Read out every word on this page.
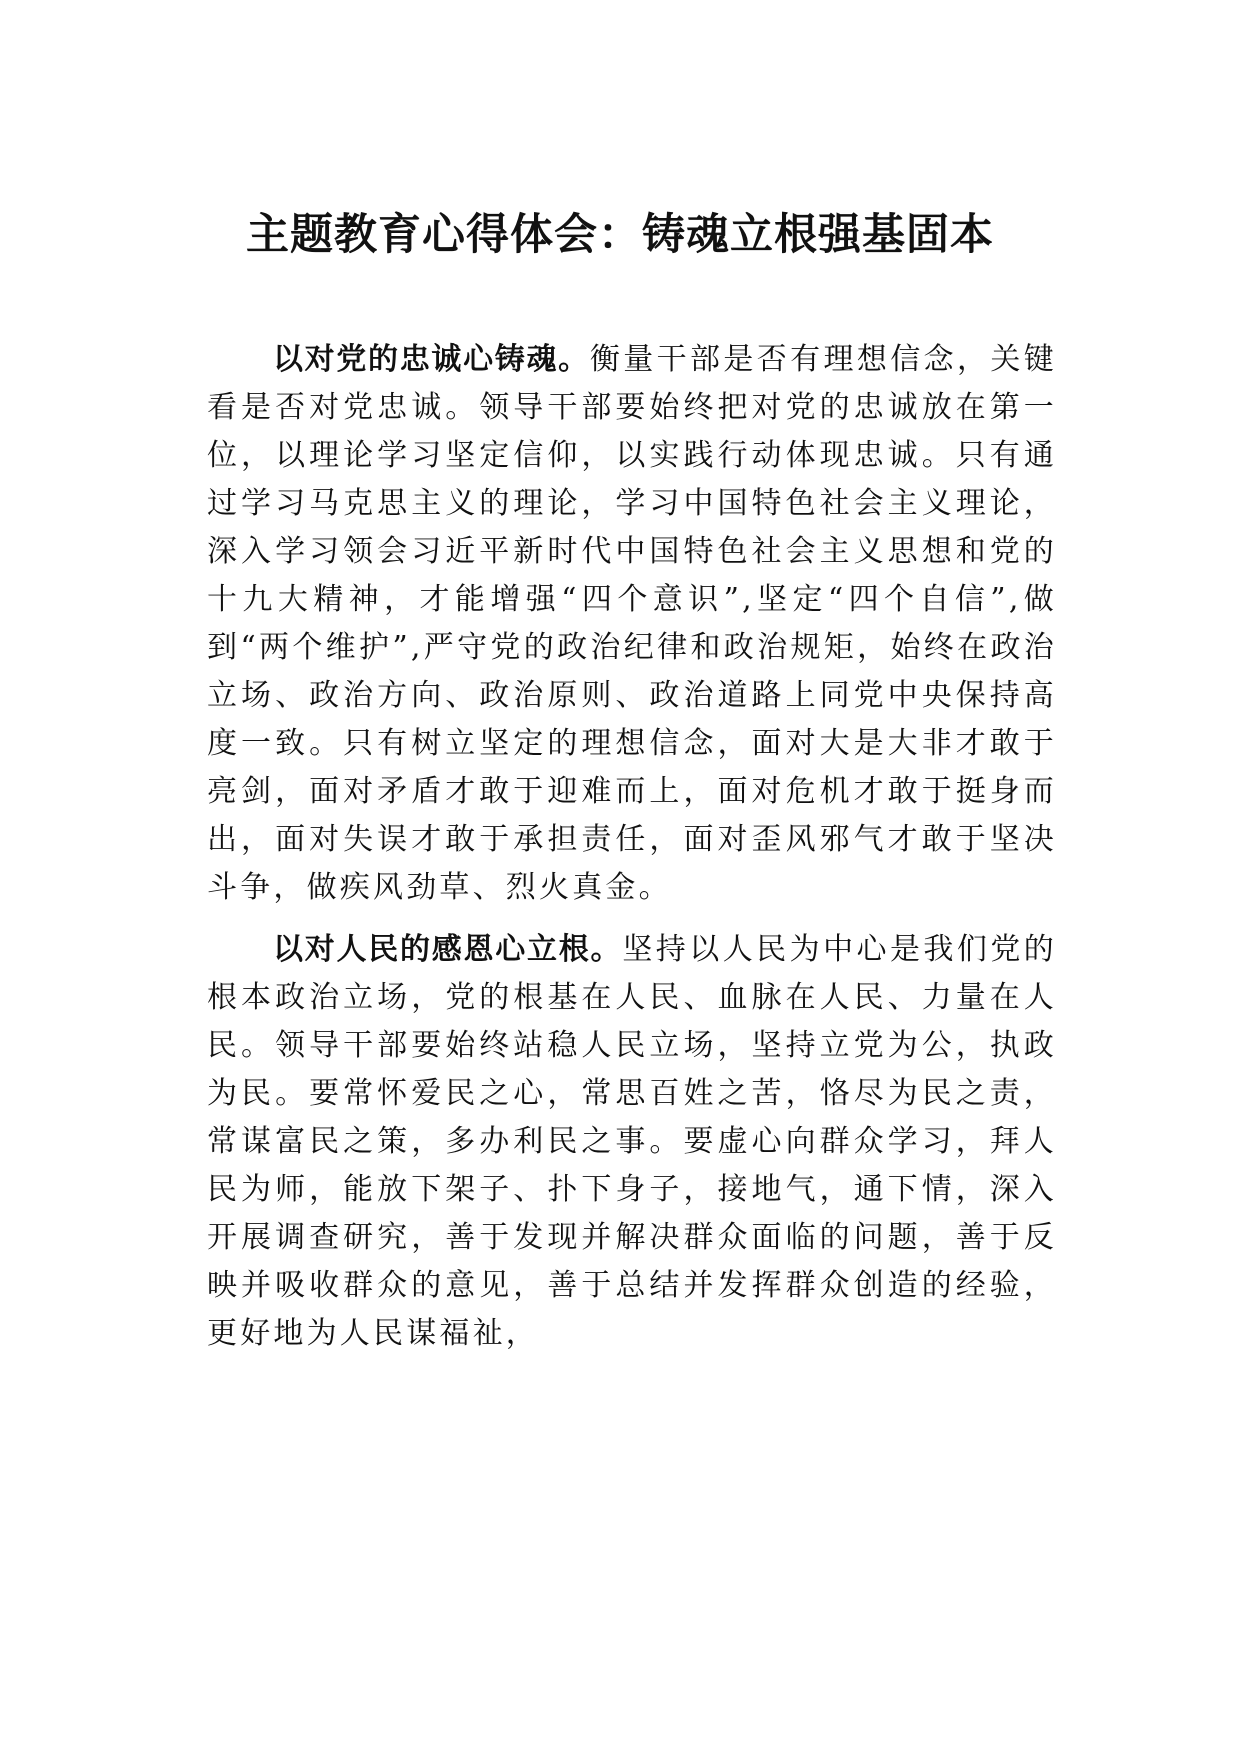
主题教育心得体会：铸魂立根强基固本

以对党的忠诚心铸魂。衡量干部是否有理想信念，关键看是否对党忠诚。领导干部要始终把对党的忠诚放在第一位，以理论学习坚定信仰，以实践行动体现忠诚。只有通过学习马克思主义的理论，学习中国特色社会主义理论，深入学习领会习近平新时代中国特色社会主义思想和党的十九大精神，才能增强“四个意识”,坚定“四个自信”,做到“两个维护”,严守党的政治纪律和政治规矩，始终在政治立场、政治方向、政治原则、政治道路上同党中央保持高度一致。只有树立坚定的理想信念，面对大是大非才敢于亮剑，面对矛盾才敢于迎难而上，面对危机才敢于挺身而出，面对失误才敢于承担责任，面对歪风邪气才敢于坚决斗争，做疾风劲草、烈火真金。

以对人民的感恩心立根。坚持以人民为中心是我们党的根本政治立场，党的根基在人民、血脉在人民、力量在人民。领导干部要始终站稳人民立场，坚持立党为公，执政为民。要常怀爱民之心，常思百姓之苦，恪尽为民之责，常谋富民之策，多办利民之事。要虚心向群众学习，拜人民为师，能放下架子、扑下身子，接地气，通下情，深入开展调查研究，善于发现并解决群众面临的问题，善于反映并吸收群众的意见，善于总结并发挥群众创造的经验，更好地为人民谋福祉，
